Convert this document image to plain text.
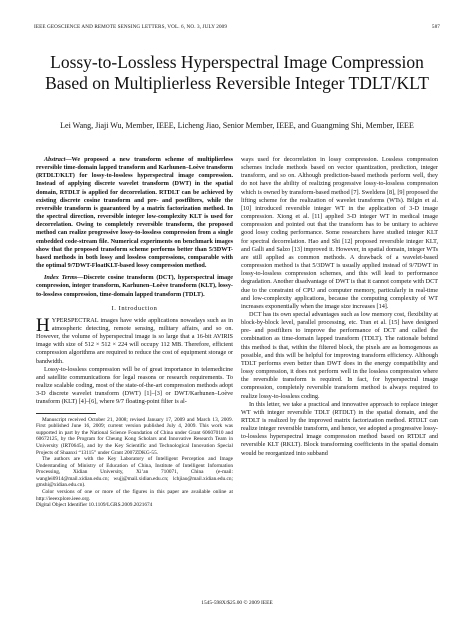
IEEE GEOSCIENCE AND REMOTE SENSING LETTERS, VOL. 6, NO. 3, JULY 2009	587
Lossy-to-Lossless Hyperspectral Image Compression Based on Multiplierless Reversible Integer TDLT/KLT
Lei Wang, Jiaji Wu, Member, IEEE, Licheng Jiao, Senior Member, IEEE, and Guangming Shi, Member, IEEE

Abstract—We proposed a new transform scheme of multiplierless reversible time-domain lapped transform and Karhunen–Loève transform (RTDLT/KLT) for lossy-to-lossless hyperspectral image compression. Instead of applying discrete wavelet transform (DWT) in the spatial domain, RTDLT is applied for decorrelation. RTDLT can be achieved by existing discrete cosine transform and pre- and postfilters, while the reversible transform is guaranteed by a matrix factorization method. In the spectral direction, reversible integer low-complexity KLT is used for decorrelation. Owing to completely reversible transform, the proposed method can realize progressive lossy-to-lossless compression from a single embedded code-stream file. Numerical experiments on benchmark images show that the proposed transform scheme performs better than 5/3DWT-based methods in both lossy and lossless compressions, comparable with the optimal 9/7DWT-FloatKLT-based lossy compression method.

Index Terms—Discrete cosine transform (DCT), hyperspectral image compression, integer transform, Karhunen–Loève transform (KLT), lossy-to-lossless compression, time-domain lapped transform (TDLT).

I. Introduction

HYPERSPECTRAL images have wide applications nowadays such as in atmospheric detecting, remote sensing, military affairs, and so on. However, the volume of hyperspectral image is so large that a 16-bit AVIRIS image with size of 512 × 512 × 224 will occupy 112 MB. Therefore, efficient compression algorithms are required to reduce the cost of equipment storage or bandwidth.

Lossy-to-lossless compression will be of great importance in telemedicine and satellite communications for legal reasons or research requirements. To realize scalable coding, most of the state-of-the-art compression methods adopt 3-D discrete wavelet transform (DWT) [1]–[3] or DWT/Karhunen–Loève transform (KLT) [4]–[6], where 9/7 floating-point filter is al-

Manuscript received October 21, 2008; revised January 17, 2009 and March 13, 2009. First published June 16, 2009; current version published July 4, 2009. This work was supported in part by the National Science Foundation of China under Grant 60607010 and 60672125, by the Program for Cheung Kong Scholars and Innovative Research Team in University (IRT0645), and by the Key Scientific and Technological Innovation Special Projects of Shaanxi “13115” under Grant 2007ZDKG-55.

The authors are with the Key Laboratory of Intelligent Perception and Image Understanding of Ministry of Education of China, Institute of Intelligent Information Processing, Xidian University, Xi’an 710071, China (e-mail: wanglei0914@mail.xidian.edu.cn; wujj@mail.xidian.edu.cn; lchjiao@mail.xidian.edu.cn; gmshi@xidian.edu.cn).

Color versions of one or more of the figures in this paper are available online at http://ieeexplore.ieee.org.

Digital Object Identifier 10.1109/LGRS.2009.2021674

ways used for decorrelation in lossy compression. Lossless compression schemes include methods based on vector quantization, prediction, integer transform, and so on. Although prediction-based methods perform well, they do not have the ability of realizing progressive lossy-to-lossless compression which is owned by transform-based method [7]. Sweldens [8], [9] proposed the lifting scheme for the realization of wavelet transforms (WTs). Bilgin et al. [10] introduced reversible integer WT in the application of 3-D image compression. Xiong et al. [11] applied 3-D integer WT in medical image compression and pointed out that the transform has to be unitary to achieve good lossy coding performance. Some researchers have studied integer KLT for spectral decorrelation. Hao and Shi [12] proposed reversible integer KLT, and Galli and Salzo [13] improved it. However, in spatial domain, integer WTs are still applied as common methods. A drawback of a wavelet-based compression method is that 5/3DWT is usually applied instead of 9/7DWT in lossy-to-lossless compression schemes, and this will lead to performance degradation. Another disadvantage of DWT is that it cannot compete with DCT due to the constraint of CPU and computer memory, particularly in real-time and low-complexity applications, because the computing complexity of WT increases exponentially when the image size increases [14].

DCT has its own special advantages such as low memory cost, flexibility at block-by-block level, parallel processing, etc. Tran et al. [15] have designed pre- and postfilters to improve the performance of DCT and called the combination as time-domain lapped transform (TDLT). The rationale behind this method is that, within the filtered block, the pixels are as homogenous as possible, and this will be helpful for improving transform efficiency. Although TDLT performs even better than DWT does in the energy compatibility and lossy compression, it does not perform well in the lossless compression where the reversible transform is required. In fact, for hyperspectral image compression, completely reversible transform method is always required to realize lossy-to-lossless coding.

In this letter, we take a practical and innovative approach to replace integer WT with integer reversible TDLT (RTDLT) in the spatial domain, and the RTDLT is realized by the improved matrix factorization method. RTDLT can realize integer reversible transform, and hence, we adopted a progressive lossy-to-lossless hyperspectral image compression method based on RTDLT and reversible KLT (RKLT). Block transforming coefficients in the spatial domain would be reorganized into subband

1545-598X/$25.00 © 2009 IEEE
